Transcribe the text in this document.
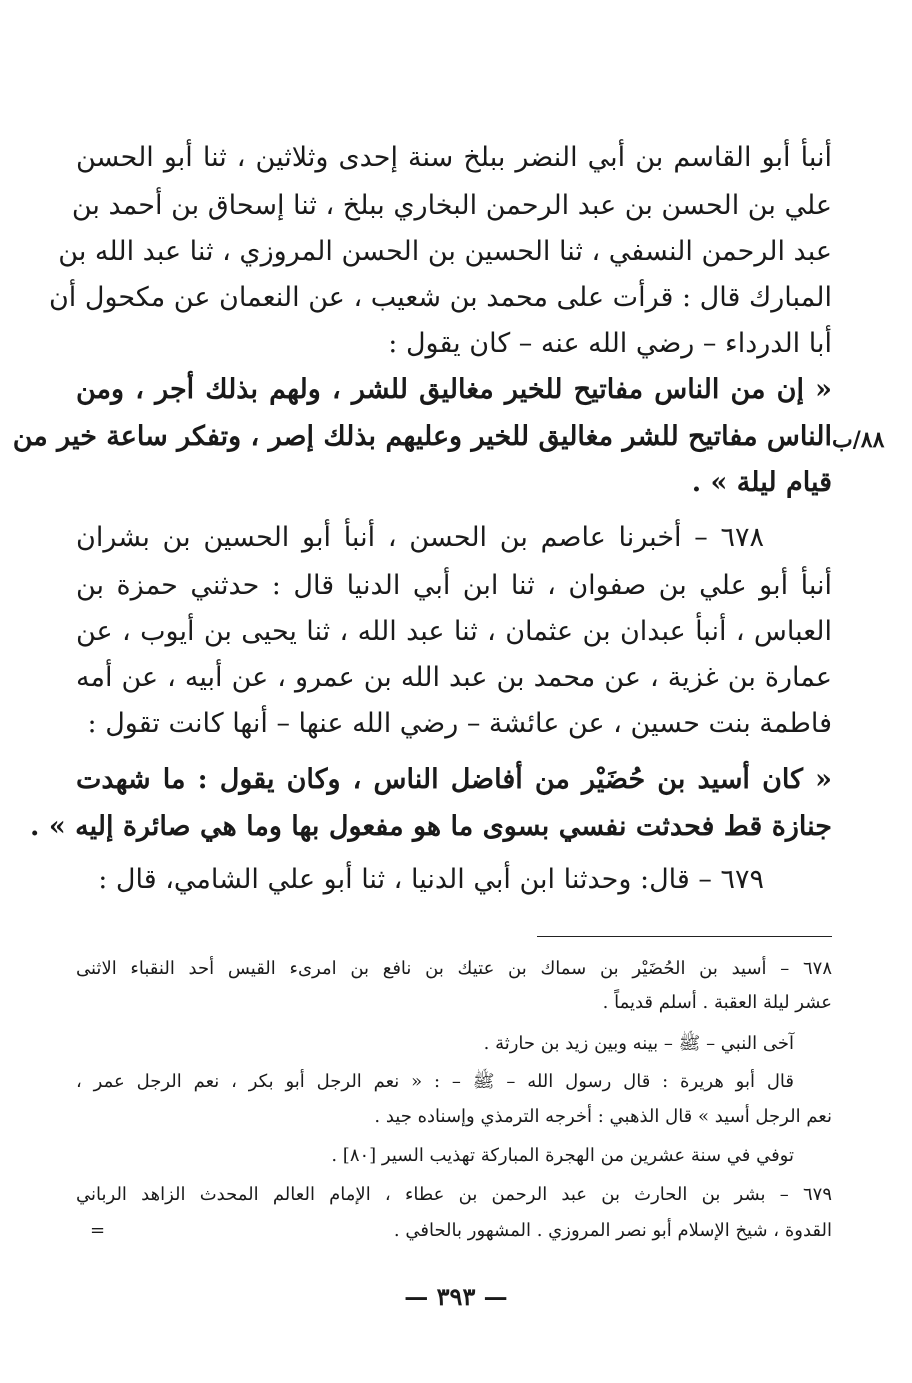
أنبأ أبو القاسم بن أبي النضر ببلخ سنة إحدى وثلاثين ، ثنا أبو الحسن
علي بن الحسن بن عبد الرحمن البخاري ببلخ ، ثنا إسحاق بن أحمد بن
عبد الرحمن النسفي ، ثنا الحسين بن الحسن المروزي ، ثنا عبد الله بن
المبارك قال : قرأت على محمد بن شعيب ، عن النعمان عن مكحول أن
أبا الدرداء – رضي الله عنه – كان يقول :
« إن من الناس مفاتيح للخير مغاليق للشر ، ولهم بذلك أجر ، ومن
الناس مفاتيح للشر مغاليق للخير وعليهم بذلك إصر ، وتفكر ساعة خير من ٨٨/ب
قيام ليلة » .
٦٧٨ – أخبرنا عاصم بن الحسن ، أنبأ أبو الحسين بن بشران
أنبأ أبو علي بن صفوان ، ثنا ابن أبي الدنيا قال : حدثني حمزة بن
العباس ، أنبأ عبدان بن عثمان ، ثنا عبد الله ، ثنا يحيى بن أيوب ، عن
عمارة بن غزية ، عن محمد بن عبد الله بن عمرو ، عن أبيه ، عن أمه
فاطمة بنت حسين ، عن عائشة – رضي الله عنها – أنها كانت تقول :
« كان أسيد بن حُضَيْر من أفاضل الناس ، وكان يقول : ما شهدت
جنازة قط فحدثت نفسي بسوى ما هو مفعول بها وما هي صائرة إليه » .
٦٧٩ – قال: وحدثنا ابن أبي الدنيا ، ثنا أبو علي الشامي، قال :
٦٧٨ – أسيد بن الحُضَيْر بن سماك بن عتيك بن نافع بن امرىء القيس أحد النقباء الاثنى
عشر ليلة العقبة . أسلم قديماً .
آخى النبي – ﷺ – بينه وبين زيد بن حارثة .
قال أبو هريرة : قال رسول الله – ﷺ – : « نعم الرجل أبو بكر ، نعم الرجل عمر ،
نعم الرجل أسيد » قال الذهبي : أخرجه الترمذي وإسناده جيد .
توفي في سنة عشرين من الهجرة المباركة تهذيب السير [٨٠] .
٦٧٩ – بشر بن الحارث بن عبد الرحمن بن عطاء ، الإمام العالم المحدث الزاهد الرباني
القدوة ، شيخ الإسلام أبو نصر المروزي . المشهور بالحافي .
=
— ٣٩٣ —
